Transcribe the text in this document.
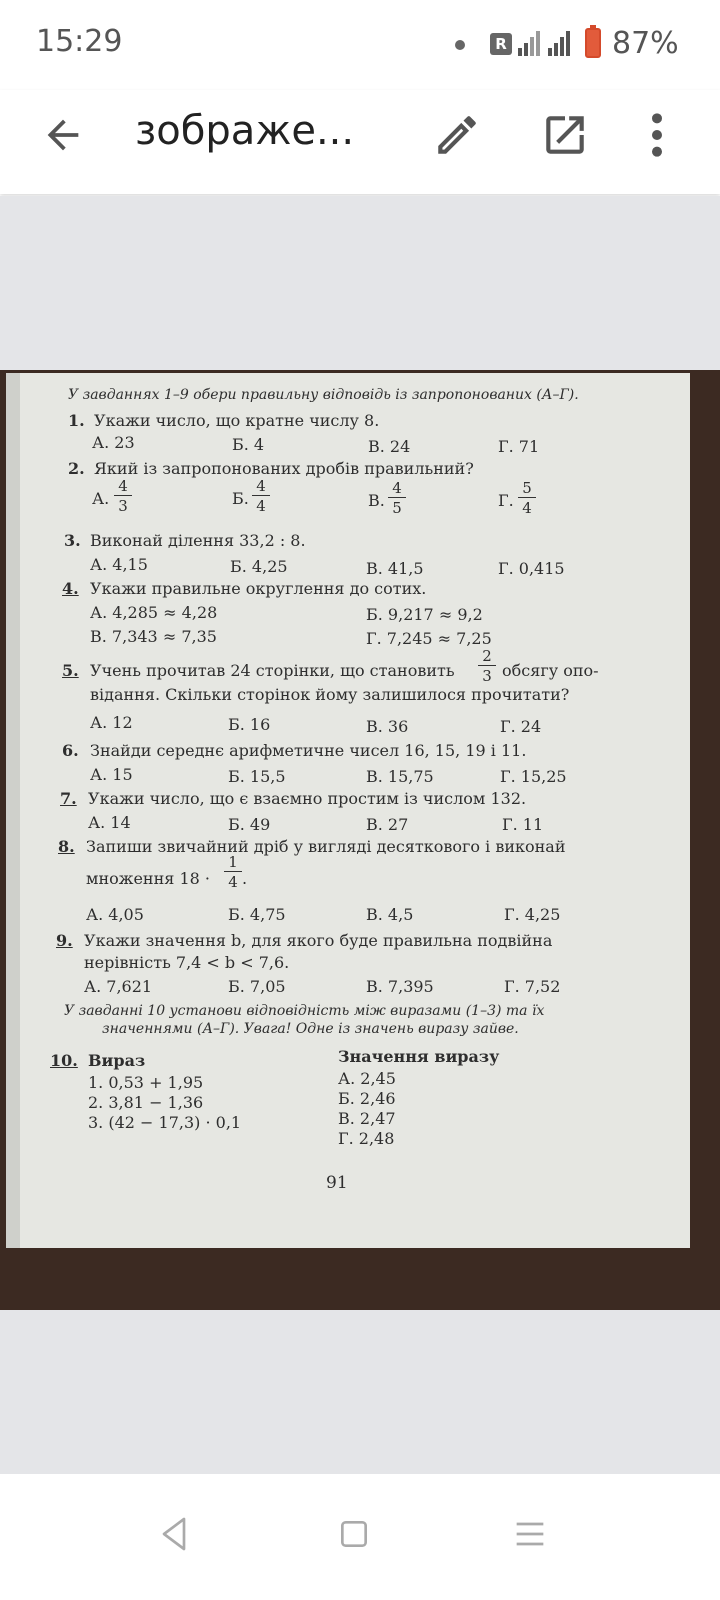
15:29	R	87%
зображе...
У завданнях 1–9 обери правильну відповідь із запропонованих (А–Г).
1. Укажи число, що кратне числу 8.
А. 23	Б. 4	В. 24	Г. 71
2. Який із запропонованих дробів правильний?
А. $\frac{4}{3}$	Б. $\frac{4}{4}$	В. $\frac{4}{5}$	Г. $\frac{5}{4}$
3. Виконай ділення 33,2 : 8.
А. 4,15	Б. 4,25	В. 41,5	Г. 0,415
4. Укажи правильне округлення до сотих.
А. 4,285 ≈ 4,28	Б. 9,217 ≈ 9,2
В. 7,343 ≈ 7,35	Г. 7,245 ≈ 7,25
5. Учень прочитав 24 сторінки, що становить $\frac{2}{3}$ обсягу опо-
відання. Скільки сторінок йому залишилося прочитати?
А. 12	Б. 16	В. 36	Г. 24
6. Знайди середнє арифметичне чисел 16, 15, 19 і 11.
А. 15	Б. 15,5	В. 15,75	Г. 15,25
7. Укажи число, що є взаємно простим із числом 132.
А. 14	Б. 49	В. 27	Г. 11
8. Запиши звичайний дріб у вигляді десяткового і виконай
множення $18 \cdot \frac{1}{4}$ .
А. 4,05	Б. 4,75	В. 4,5	Г. 4,25
9. Укажи значення b, для якого буде правильна подвійна
нерівність 7,4 < b < 7,6.
А. 7,621	Б. 7,05	В. 7,395	Г. 7,52
У завданні 10 установи відповідність між виразами (1–3) та їх
значеннями (А–Г). Увага! Одне із значень виразу зайве.
10. Вираз
1. 0,53 + 1,95
2. 3,81 − 1,36
3. (42 − 17,3) · 0,1
Значення виразу
А. 2,45
Б. 2,46
В. 2,47
Г. 2,48
91
